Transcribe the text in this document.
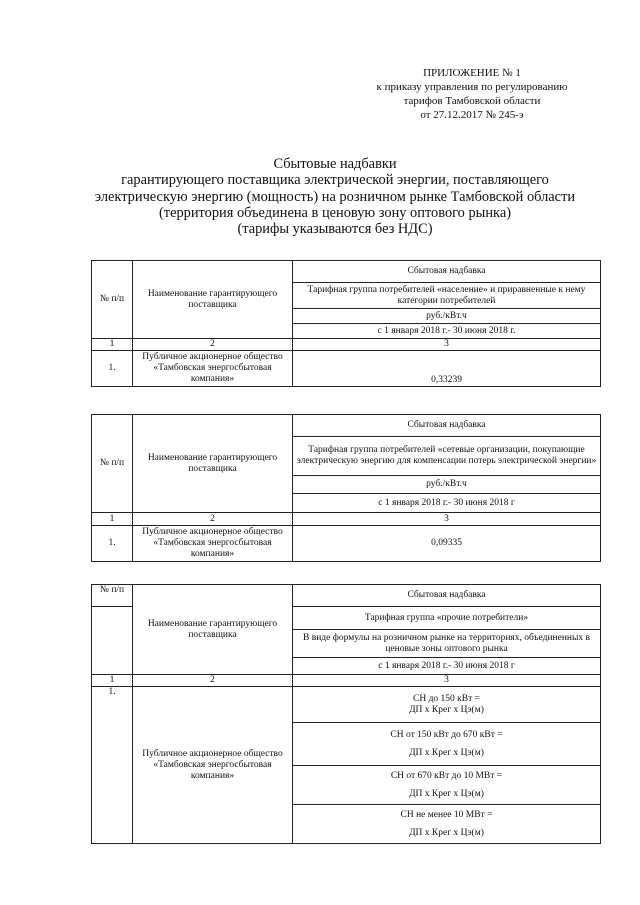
ПРИЛОЖЕНИЕ № 1
к приказу управления по регулированию
тарифов Тамбовской области
от 27.12.2017 № 245-э
Сбытовые надбавки
гарантирующего поставщика электрической энергии, поставляющего
электрическую энергию (мощность) на розничном рынке Тамбовской области
(территория объединена в ценовую зону оптового рынка)
(тарифы указываются без НДС)
№ п/п	Наименование гарантирующего поставщика	Сбытовая надбавка
		Тарифная группа потребителей «население» и приравненные к нему категории потребителей
		руб./кВт.ч
		с 1 января 2018 г.- 30 июня 2018 г.
1	2	3
1.	Публичное акционерное общество «Тамбовская энергосбытовая компания»	0,33239
№ п/п	Наименование гарантирующего поставщика	Сбытовая надбавка
		Тарифная группа потребителей «сетевые организации, покупающие электрическую энергию для компенсации потерь электрической энергии»
		руб./кВт.ч
		с 1 января 2018 г.- 30 июня 2018 г
1	2	3
1.	Публичное акционерное общество «Тамбовская энергосбытовая компания»	0,09335
№ п/п	Наименование гарантирующего поставщика	Сбытовая надбавка
		Тарифная группа «прочие потребители»
		В виде формулы на розничном рынке на территориях, объединенных в ценовые зоны оптового рынка
		с 1 января 2018 г.- 30 июня 2018 г
1	2	3
1.	Публичное акционерное общество «Тамбовская энергосбытовая компания»	СН до 150 кВт =
ДП х Крег х Цэ(м)

		СН от 150 кВт до 670 кВт =
ДП х Крег х Цэ(м)

		СН от 670 кВт до 10 МВт =
ДП х Крег х Цэ(м)

		СН не менее 10 МВт =
ДП х Крег х Цэ(м)
